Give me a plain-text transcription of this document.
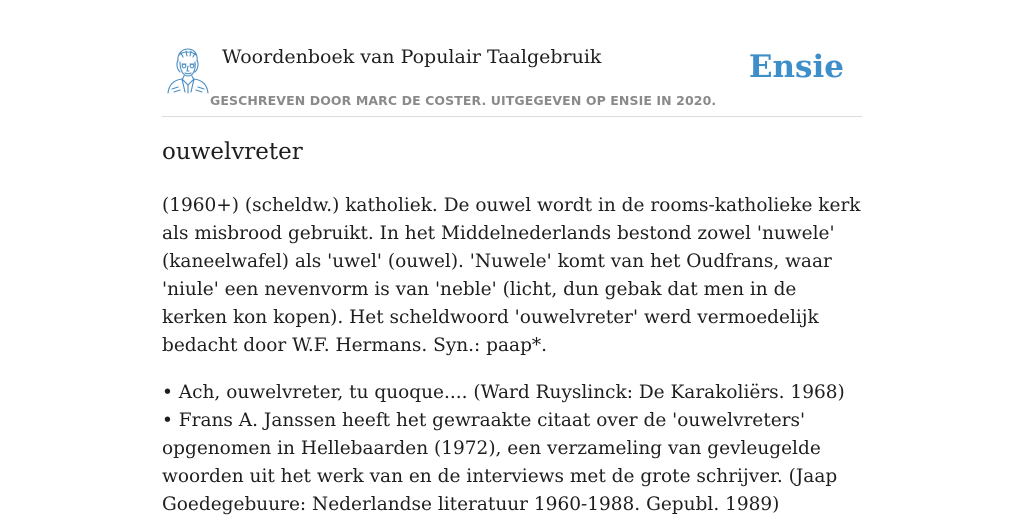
Woordenboek van Populair Taalgebruik
GESCHREVEN DOOR MARC DE COSTER. UITGEGEVEN OP ENSIE IN 2020.
Ensie
ouwelvreter

(1960+) (scheldw.) katholiek. De ouwel wordt in de rooms-katholieke kerk als misbrood gebruikt. In het Middelnederlands bestond zowel 'nuwele' (kaneelwafel) als 'uwel' (ouwel). 'Nuwele' komt van het Oudfrans, waar 'niule' een nevenvorm is van 'neble' (licht, dun gebak dat men in de kerken kon kopen). Het scheldwoord 'ouwelvreter' werd vermoedelijk bedacht door W.F. Hermans. Syn.: paap*.

• Ach, ouwelvreter, tu quoque.... (Ward Ruyslinck: De Karakoliërs. 1968)
• Frans A. Janssen heeft het gewraakte citaat over de 'ouwelvreters' opgenomen in Hellebaarden (1972), een verzameling van gevleugelde woorden uit het werk van en de interviews met de grote schrijver. (Jaap Goedegebuure: Nederlandse literatuur 1960-1988. Gepubl. 1989)
